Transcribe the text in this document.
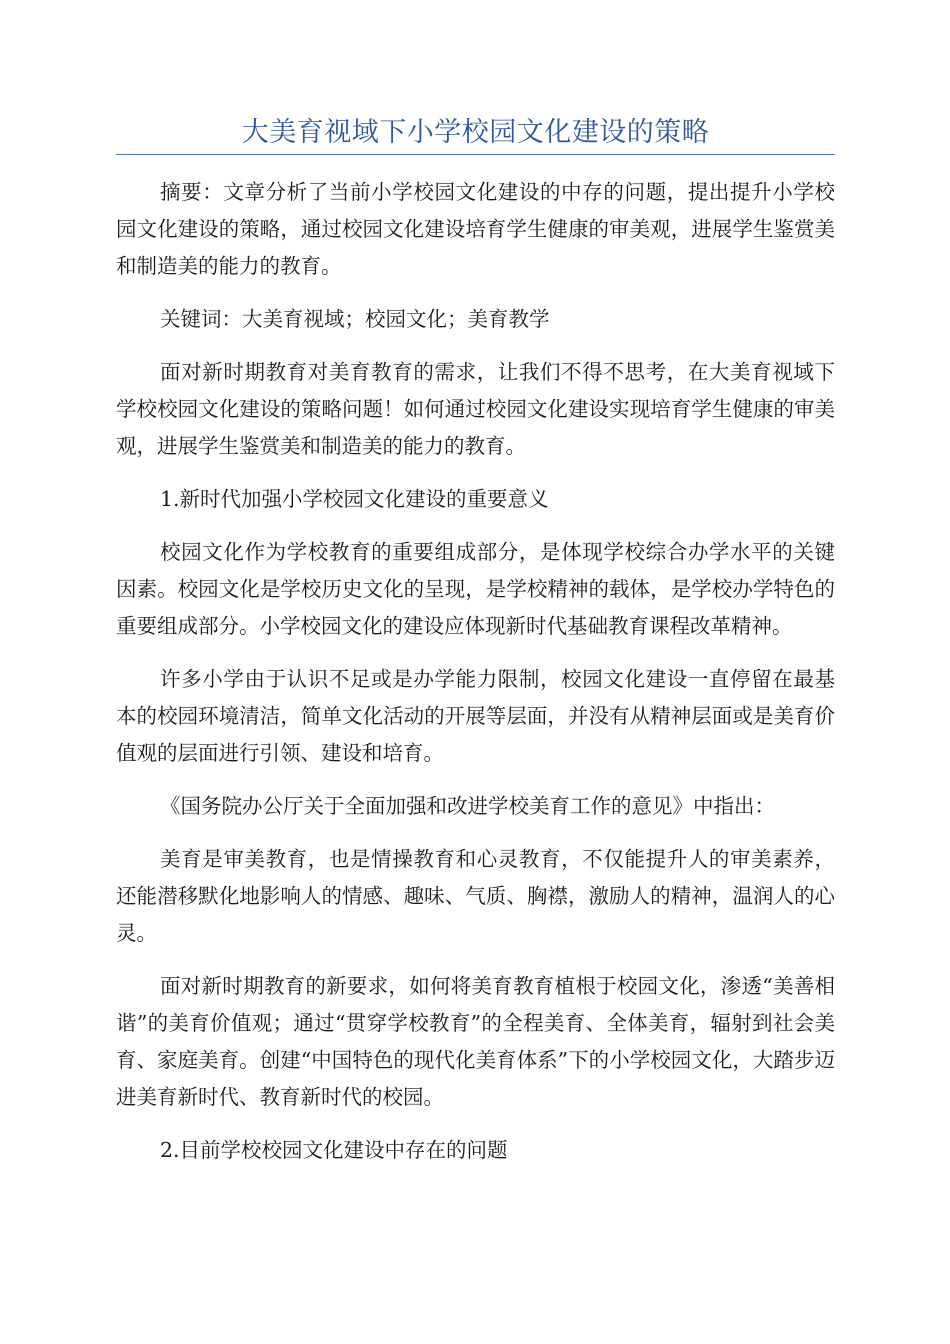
大美育视域下小学校园文化建设的策略

摘要：文章分析了当前小学校园文化建设的中存的问题，提出提升小学校园文化建设的策略，通过校园文化建设培育学生健康的审美观，进展学生鉴赏美和制造美的能力的教育。

关键词：大美育视域；校园文化；美育教学

面对新时期教育对美育教育的需求，让我们不得不思考，在大美育视域下学校校园文化建设的策略问题！如何通过校园文化建设实现培育学生健康的审美观，进展学生鉴赏美和制造美的能力的教育。

1.新时代加强小学校园文化建设的重要意义

校园文化作为学校教育的重要组成部分，是体现学校综合办学水平的关键因素。校园文化是学校历史文化的呈现，是学校精神的载体，是学校办学特色的重要组成部分。小学校园文化的建设应体现新时代基础教育课程改革精神。

许多小学由于认识不足或是办学能力限制，校园文化建设一直停留在最基本的校园环境清洁，简单文化活动的开展等层面，并没有从精神层面或是美育价值观的层面进行引领、建设和培育。

《国务院办公厅关于全面加强和改进学校美育工作的意见》中指出：

美育是审美教育，也是情操教育和心灵教育，不仅能提升人的审美素养，还能潜移默化地影响人的情感、趣味、气质、胸襟，激励人的精神，温润人的心灵。

面对新时期教育的新要求，如何将美育教育植根于校园文化，渗透“美善相谐”的美育价值观；通过“贯穿学校教育”的全程美育、全体美育，辐射到社会美育、家庭美育。创建“中国特色的现代化美育体系”下的小学校园文化，大踏步迈进美育新时代、教育新时代的校园。

2.目前学校校园文化建设中存在的问题
